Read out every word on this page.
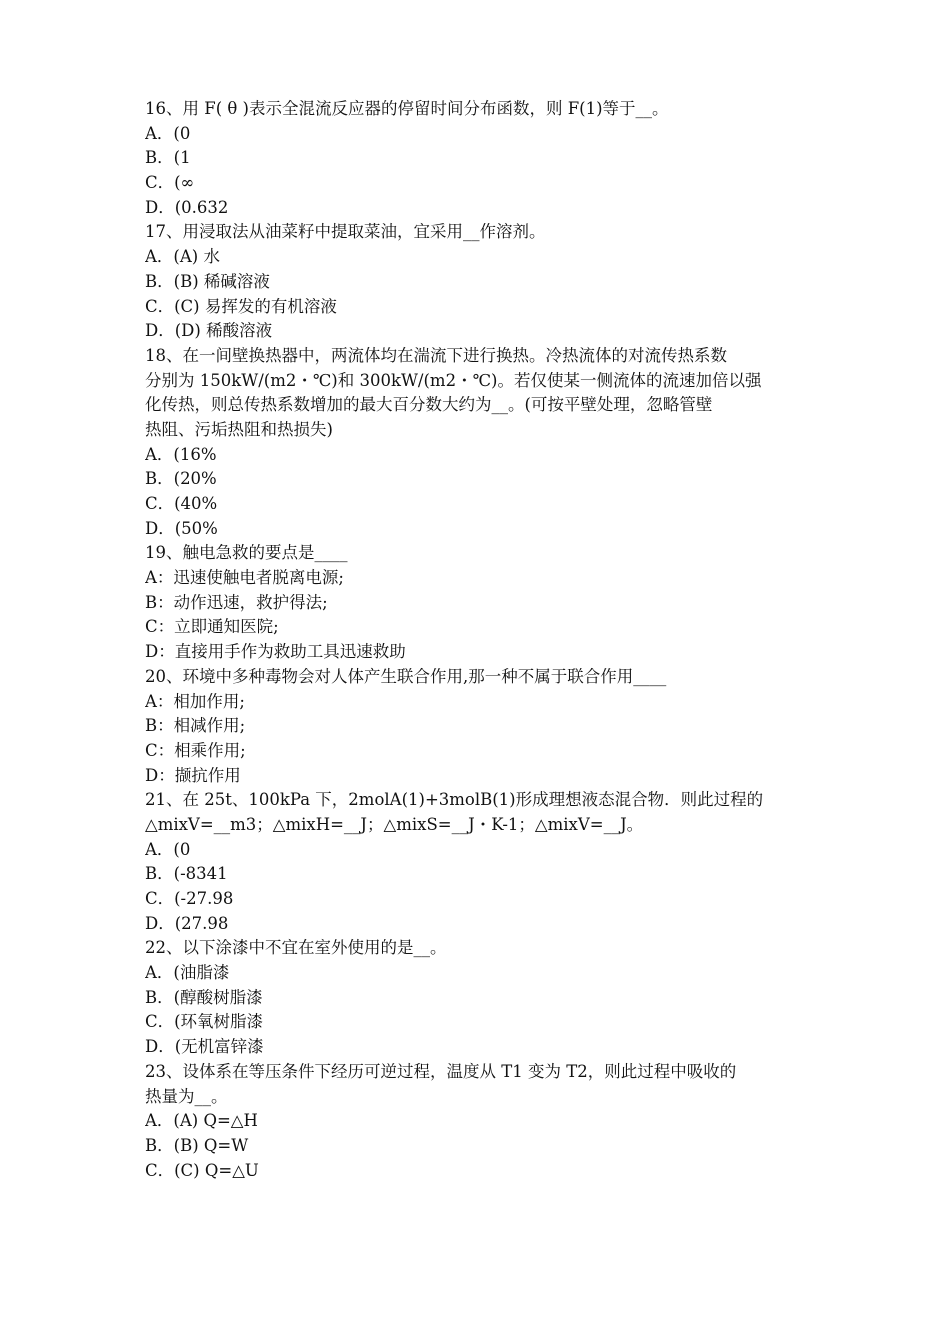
16、用 F( θ )表示全混流反应器的停留时间分布函数，则 F(1)等于__。
A．(0
B．(1
C．(∞
D．(0.632
17、用浸取法从油菜籽中提取菜油，宜采用__作溶剂。
A．(A) 水
B．(B) 稀碱溶液
C．(C) 易挥发的有机溶液
D．(D) 稀酸溶液
18、在一间壁换热器中，两流体均在湍流下进行换热。冷热流体的对流传热系数
分别为 150kW/(m2・℃)和 300kW/(m2・℃)。若仅使某一侧流体的流速加倍以强
化传热，则总传热系数增加的最大百分数大约为__。(可按平壁处理，忽略管壁
热阻、污垢热阻和热损失)
A．(16%
B．(20%
C．(40%
D．(50%
19、触电急救的要点是____
A：迅速使触电者脱离电源;
B：动作迅速，救护得法;
C：立即通知医院;
D：直接用手作为救助工具迅速救助
20、环境中多种毒物会对人体产生联合作用,那一种不属于联合作用____
A：相加作用;
B：相减作用;
C：相乘作用;
D：撷抗作用
21、在 25t、100kPa 下，2molA(1)+3molB(1)形成理想液态混合物．则此过程的
△mixV=__m3；△mixH=__J；△mixS=__J・K-1；△mixV=__J。
A．(0
B．(-8341
C．(-27.98
D．(27.98
22、以下涂漆中不宜在室外使用的是__。
A．(油脂漆
B．(醇酸树脂漆
C．(环氧树脂漆
D．(无机富锌漆
23、设体系在等压条件下经历可逆过程，温度从 T1 变为 T2，则此过程中吸收的
热量为__。
A．(A) Q=△H
B．(B) Q=W
C．(C) Q=△U
